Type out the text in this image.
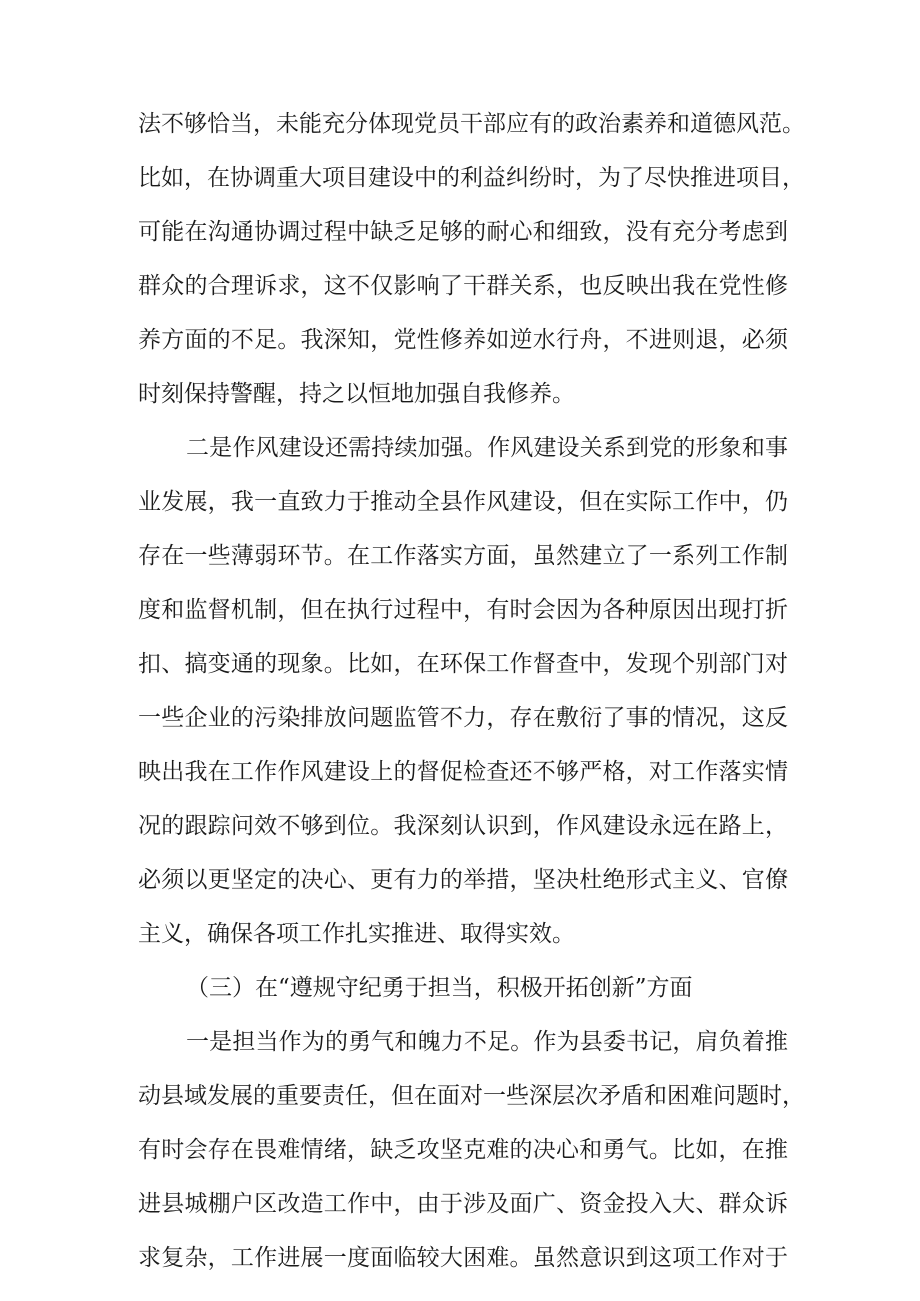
法不够恰当，未能充分体现党员干部应有的政治素养和道德风范。
比如，在协调重大项目建设中的利益纠纷时，为了尽快推进项目，
可能在沟通协调过程中缺乏足够的耐心和细致，没有充分考虑到
群众的合理诉求，这不仅影响了干群关系，也反映出我在党性修
养方面的不足。我深知，党性修养如逆水行舟，不进则退，必须
时刻保持警醒，持之以恒地加强自我修养。
二是作风建设还需持续加强。作风建设关系到党的形象和事
业发展，我一直致力于推动全县作风建设，但在实际工作中，仍
存在一些薄弱环节。在工作落实方面，虽然建立了一系列工作制
度和监督机制，但在执行过程中，有时会因为各种原因出现打折
扣、搞变通的现象。比如，在环保工作督查中，发现个别部门对
一些企业的污染排放问题监管不力，存在敷衍了事的情况，这反
映出我在工作作风建设上的督促检查还不够严格，对工作落实情
况的跟踪问效不够到位。我深刻认识到，作风建设永远在路上，
必须以更坚定的决心、更有力的举措，坚决杜绝形式主义、官僚
主义，确保各项工作扎实推进、取得实效。
（三）在“遵规守纪勇于担当，积极开拓创新”方面
一是担当作为的勇气和魄力不足。作为县委书记，肩负着推
动县域发展的重要责任，但在面对一些深层次矛盾和困难问题时，
有时会存在畏难情绪，缺乏攻坚克难的决心和勇气。比如，在推
进县城棚户区改造工作中，由于涉及面广、资金投入大、群众诉
求复杂，工作进展一度面临较大困难。虽然意识到这项工作对于
